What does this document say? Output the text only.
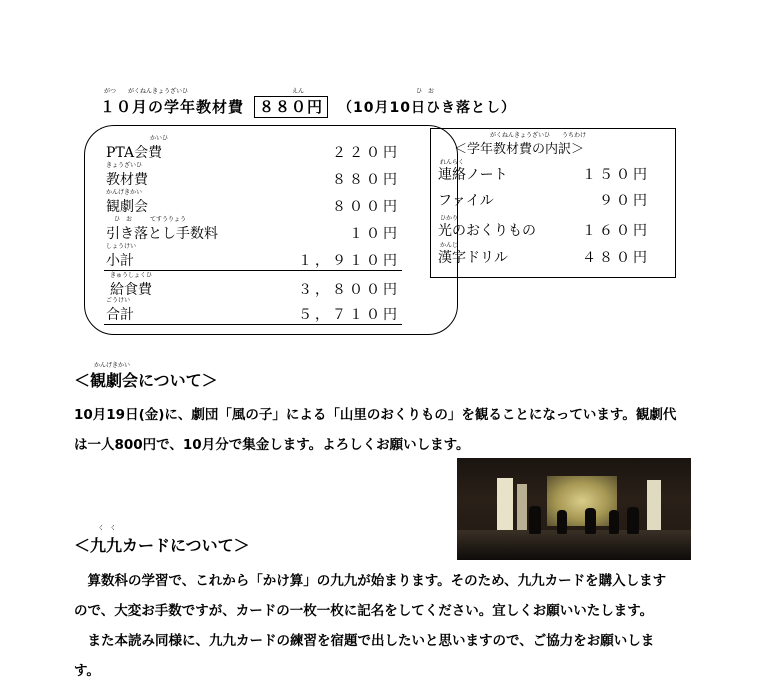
がつ　　がくねんきょうざいひ	えん	ひ　お
１０月の学年教材費 ８８０円 （10月10日ひき落とし）
かいひ
PTA会費	２２０円
きょうざいひ
教材費	８８０円
かんげきかい
観劇会	８００円
ひ　お　　　てすうりょう
引き落とし手数料	１０円
しょうけい
小計	１，９１０円
きゅうしょくひ
給食費	３，８００円
ごうけい
合計	５，７１０円
がくねんきょうざいひ　　うちわけ
＜学年教材費の内訳＞
れんらく
連絡ノート	１５０円
ファイル	９０円
ひかり
光のおくりもの	１６０円
かんじ
漢字ドリル	４８０円
かんげきかい
＜観劇会について＞
10月19日(金)に、劇団「風の子」による「山里のおくりもの」を観ることになっています。観劇代
は一人800円で、10月分で集金します。よろしくお願いします。
く　く
＜九九カードについて＞
　算数科の学習で、これから「かけ算」の九九が始まります。そのため、九九カードを購入します
ので、大変お手数ですが、カードの一枚一枚に記名をしてください。宜しくお願いいたします。
　また本読み同様に、九九カードの練習を宿題で出したいと思いますので、ご協力をお願いしま
す。
